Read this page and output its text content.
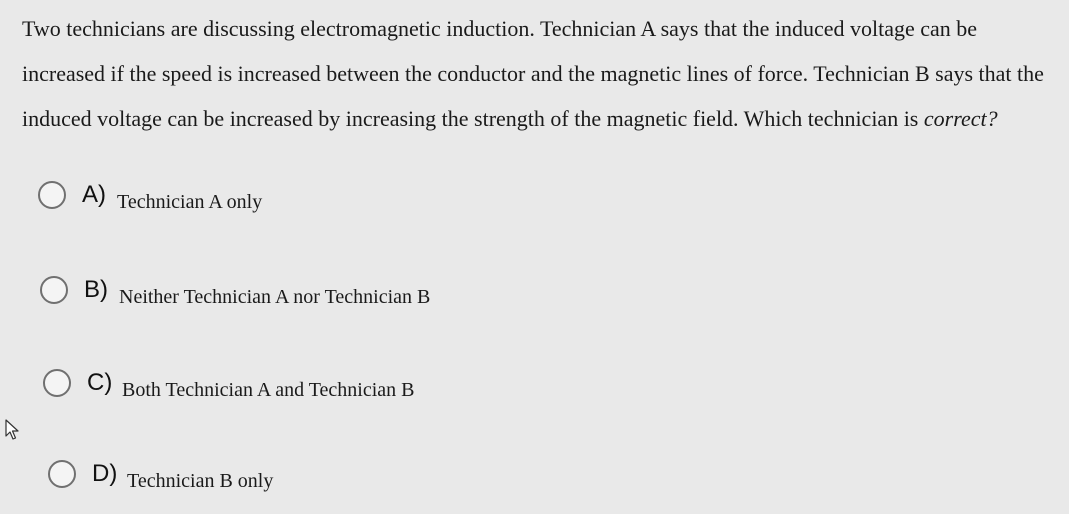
Two technicians are discussing electromagnetic induction. Technician A says that the induced voltage can be increased if the speed is increased between the conductor and the magnetic lines of force. Technician B says that the induced voltage can be increased by increasing the strength of the magnetic field. Which technician is correct?

A) Technician A only
B) Neither Technician A nor Technician B
C) Both Technician A and Technician B
D) Technician B only
